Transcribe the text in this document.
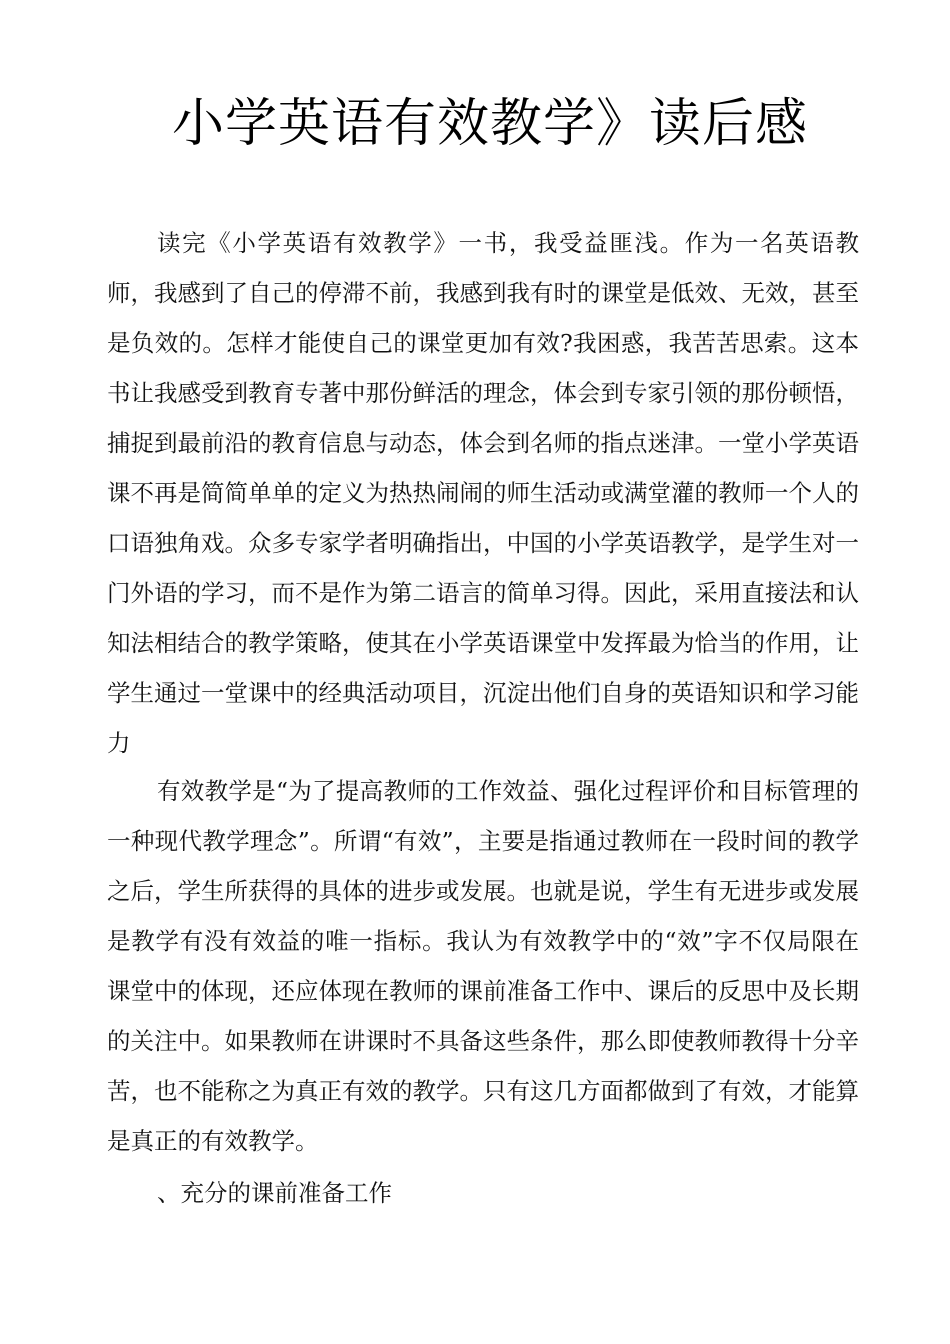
小学英语有效教学》读后感

读完《小学英语有效教学》一书，我受益匪浅。作为一名英语教师，我感到了自己的停滞不前，我感到我有时的课堂是低效、无效，甚至是负效的。怎样才能使自己的课堂更加有效?我困惑，我苦苦思索。这本书让我感受到教育专著中那份鲜活的理念，体会到专家引领的那份顿悟，捕捉到最前沿的教育信息与动态，体会到名师的指点迷津。一堂小学英语课不再是简简单单的定义为热热闹闹的师生活动或满堂灌的教师一个人的口语独角戏。众多专家学者明确指出，中国的小学英语教学，是学生对一门外语的学习，而不是作为第二语言的简单习得。因此，采用直接法和认知法相结合的教学策略，使其在小学英语课堂中发挥最为恰当的作用，让学生通过一堂课中的经典活动项目，沉淀出他们自身的英语知识和学习能力

有效教学是“为了提高教师的工作效益、强化过程评价和目标管理的一种现代教学理念”。所谓“有效”，主要是指通过教师在一段时间的教学之后，学生所获得的具体的进步或发展。也就是说，学生有无进步或发展是教学有没有效益的唯一指标。我认为有效教学中的“效”字不仅局限在课堂中的体现，还应体现在教师的课前准备工作中、课后的反思中及长期的关注中。如果教师在讲课时不具备这些条件，那么即使教师教得十分辛苦，也不能称之为真正有效的教学。只有这几方面都做到了有效，才能算是真正的有效教学。

、充分的课前准备工作
